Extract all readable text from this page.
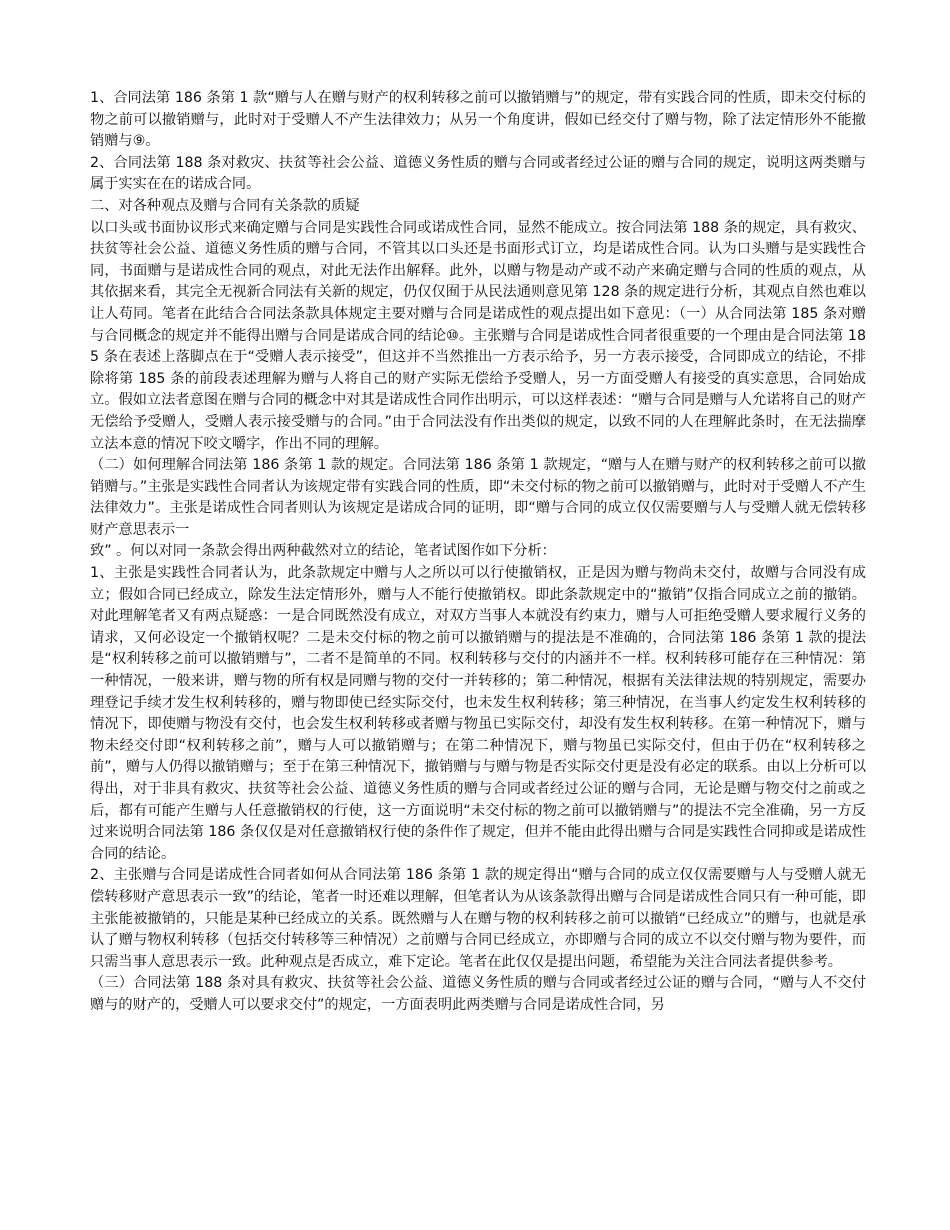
1、合同法第 186 条第 1 款“赠与人在赠与财产的权利转移之前可以撤销赠与”的规定，带有实践合同的性质，即未交付标的物之前可以撤销赠与，此时对于受赠人不产生法律效力；从另一个角度讲，假如已经交付了赠与物，除了法定情形外不能撤销赠与⑨。

2、合同法第 188 条对救灾、扶贫等社会公益、道德义务性质的赠与合同或者经过公证的赠与合同的规定，说明这两类赠与属于实实在在的诺成合同。

二、对各种观点及赠与合同有关条款的质疑

以口头或书面协议形式来确定赠与合同是实践性合同或诺成性合同，显然不能成立。按合同法第 188 条的规定，具有救灾、扶贫等社会公益、道德义务性质的赠与合同，不管其以口头还是书面形式订立，均是诺成性合同。认为口头赠与是实践性合同，书面赠与是诺成性合同的观点，对此无法作出解释。此外，以赠与物是动产或不动产来确定赠与合同的性质的观点，从其依据来看，其完全无视新合同法有关新的规定，仍仅仅囿于从民法通则意见第 128 条的规定进行分析，其观点自然也难以让人苟同。笔者在此结合合同法条款具体规定主要对赠与合同是诺成性的观点提出如下意见：（一）从合同法第 185 条对赠与合同概念的规定并不能得出赠与合同是诺成合同的结论⑩。主张赠与合同是诺成性合同者很重要的一个理由是合同法第 185 条在表述上落脚点在于“受赠人表示接受”，但这并不当然推出一方表示给予，另一方表示接受，合同即成立的结论，不排除将第 185 条的前段表述理解为赠与人将自己的财产实际无偿给予受赠人，另一方面受赠人有接受的真实意思，合同始成立。假如立法者意图在赠与合同的概念中对其是诺成性合同作出明示，可以这样表述：“赠与合同是赠与人允诺将自己的财产无偿给予受赠人，受赠人表示接受赠与的合同。”由于合同法没有作出类似的规定，以致不同的人在理解此条时，在无法揣摩立法本意的情况下咬文嚼字，作出不同的理解。

（二）如何理解合同法第 186 条第 1 款的规定。合同法第 186 条第 1 款规定，“赠与人在赠与财产的权利转移之前可以撤销赠与。”主张是实践性合同者认为该规定带有实践合同的性质，即“未交付标的物之前可以撤销赠与，此时对于受赠人不产生法律效力”。主张是诺成性合同者则认为该规定是诺成合同的证明，即“赠与合同的成立仅仅需要赠与人与受赠人就无偿转移财产意思表示一

致” 。何以对同一条款会得出两种截然对立的结论，笔者试图作如下分析：

1、主张是实践性合同者认为，此条款规定中赠与人之所以可以行使撤销权，正是因为赠与物尚未交付，故赠与合同没有成立；假如合同已经成立，除发生法定情形外，赠与人不能行使撤销权。即此条款规定中的“撤销”仅指合同成立之前的撤销。对此理解笔者又有两点疑惑：一是合同既然没有成立，对双方当事人本就没有约束力，赠与人可拒绝受赠人要求履行义务的请求，又何必设定一个撤销权呢？二是未交付标的物之前可以撤销赠与的提法是不准确的，合同法第 186 条第 1 款的提法是“权利转移之前可以撤销赠与”，二者不是简单的不同。权利转移与交付的内涵并不一样。权利转移可能存在三种情况：第一种情况，一般来讲，赠与物的所有权是同赠与物的交付一并转移的；第二种情况，根据有关法律法规的特别规定，需要办理登记手续才发生权利转移的，赠与物即使已经实际交付，也未发生权利转移；第三种情况，在当事人约定发生权利转移的情况下，即使赠与物没有交付，也会发生权利转移或者赠与物虽已实际交付，却没有发生权利转移。在第一种情况下，赠与物未经交付即“权利转移之前”，赠与人可以撤销赠与；在第二种情况下，赠与物虽已实际交付，但由于仍在“权利转移之前”，赠与人仍得以撤销赠与；至于在第三种情况下，撤销赠与与赠与物是否实际交付更是没有必定的联系。由以上分析可以得出，对于非具有救灾、扶贫等社会公益、道德义务性质的赠与合同或者经过公证的赠与合同，无论是赠与物交付之前或之后，都有可能产生赠与人任意撤销权的行使，这一方面说明“未交付标的物之前可以撤销赠与”的提法不完全准确，另一方反过来说明合同法第 186 条仅仅是对任意撤销权行使的条件作了规定，但并不能由此得出赠与合同是实践性合同抑或是诺成性合同的结论。

2、主张赠与合同是诺成性合同者如何从合同法第 186 条第 1 款的规定得出“赠与合同的成立仅仅需要赠与人与受赠人就无偿转移财产意思表示一致”的结论，笔者一时还难以理解，但笔者认为从该条款得出赠与合同是诺成性合同只有一种可能，即主张能被撤销的，只能是某种已经成立的关系。既然赠与人在赠与物的权利转移之前可以撤销“已经成立”的赠与，也就是承认了赠与物权利转移（包括交付转移等三种情况）之前赠与合同已经成立，亦即赠与合同的成立不以交付赠与物为要件，而只需当事人意思表示一致。此种观点是否成立，难下定论。笔者在此仅仅是提出问题，希望能为关注合同法者提供参考。

（三）合同法第 188 条对具有救灾、扶贫等社会公益、道德义务性质的赠与合同或者经过公证的赠与合同，“赠与人不交付赠与的财产的，受赠人可以要求交付”的规定，一方面表明此两类赠与合同是诺成性合同，另
